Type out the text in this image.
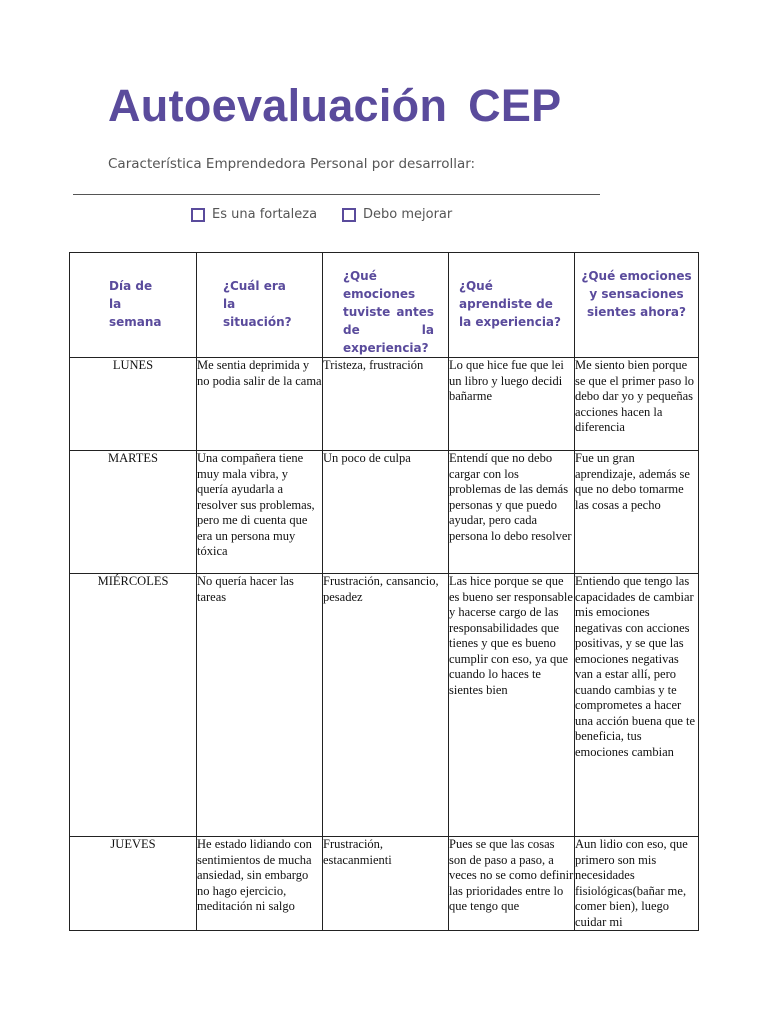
Autoevaluación CEP
Característica Emprendedora Personal por desarrollar:
Es una fortaleza	Debo mejorar
Día de la semana	¿Cuál era la situación?	¿Qué emociones tuviste antes de la experiencia?	¿Qué aprendiste de la experiencia?	¿Qué emociones y sensaciones sientes ahora?

LUNES	Me sentia deprimida y no podia salir de la cama	Tristeza, frustración	Lo que hice fue que lei un libro y luego decidi bañarme	Me siento bien porque se que el primer paso lo debo dar yo y pequeñas acciones hacen la diferencia
MARTES	Una compañera tiene muy mala vibra, y quería ayudarla a resolver sus problemas, pero me di cuenta que era un persona muy tóxica	Un poco de culpa	Entendí que no debo cargar con los problemas de las demás personas y que puedo ayudar, pero cada persona lo debo resolver	Fue un gran aprendizaje, además se que no debo tomarme las cosas a pecho
MIÉRCOLES	No quería hacer las tareas	Frustración, cansancio, pesadez	Las hice porque se que es bueno ser responsable y hacerse cargo de las responsabilidades que tienes y que es bueno cumplir con eso, ya que cuando lo haces te sientes bien	Entiendo que tengo las capacidades de cambiar mis emociones negativas con acciones positivas, y se que las emociones negativas van a estar allí, pero cuando cambias y te comprometes a hacer una acción buena que te beneficia, tus emociones cambian
JUEVES	He estado lidiando con sentimientos de mucha ansiedad, sin embargo no hago ejercicio, meditación ni salgo	Frustración, estacanmienti	Pues se que las cosas son de paso a paso, a veces no se como definir las prioridades entre lo que tengo que	Aun lidio con eso, que primero son mis necesidades fisiológicas(bañar me, comer bien), luego cuidar mi
